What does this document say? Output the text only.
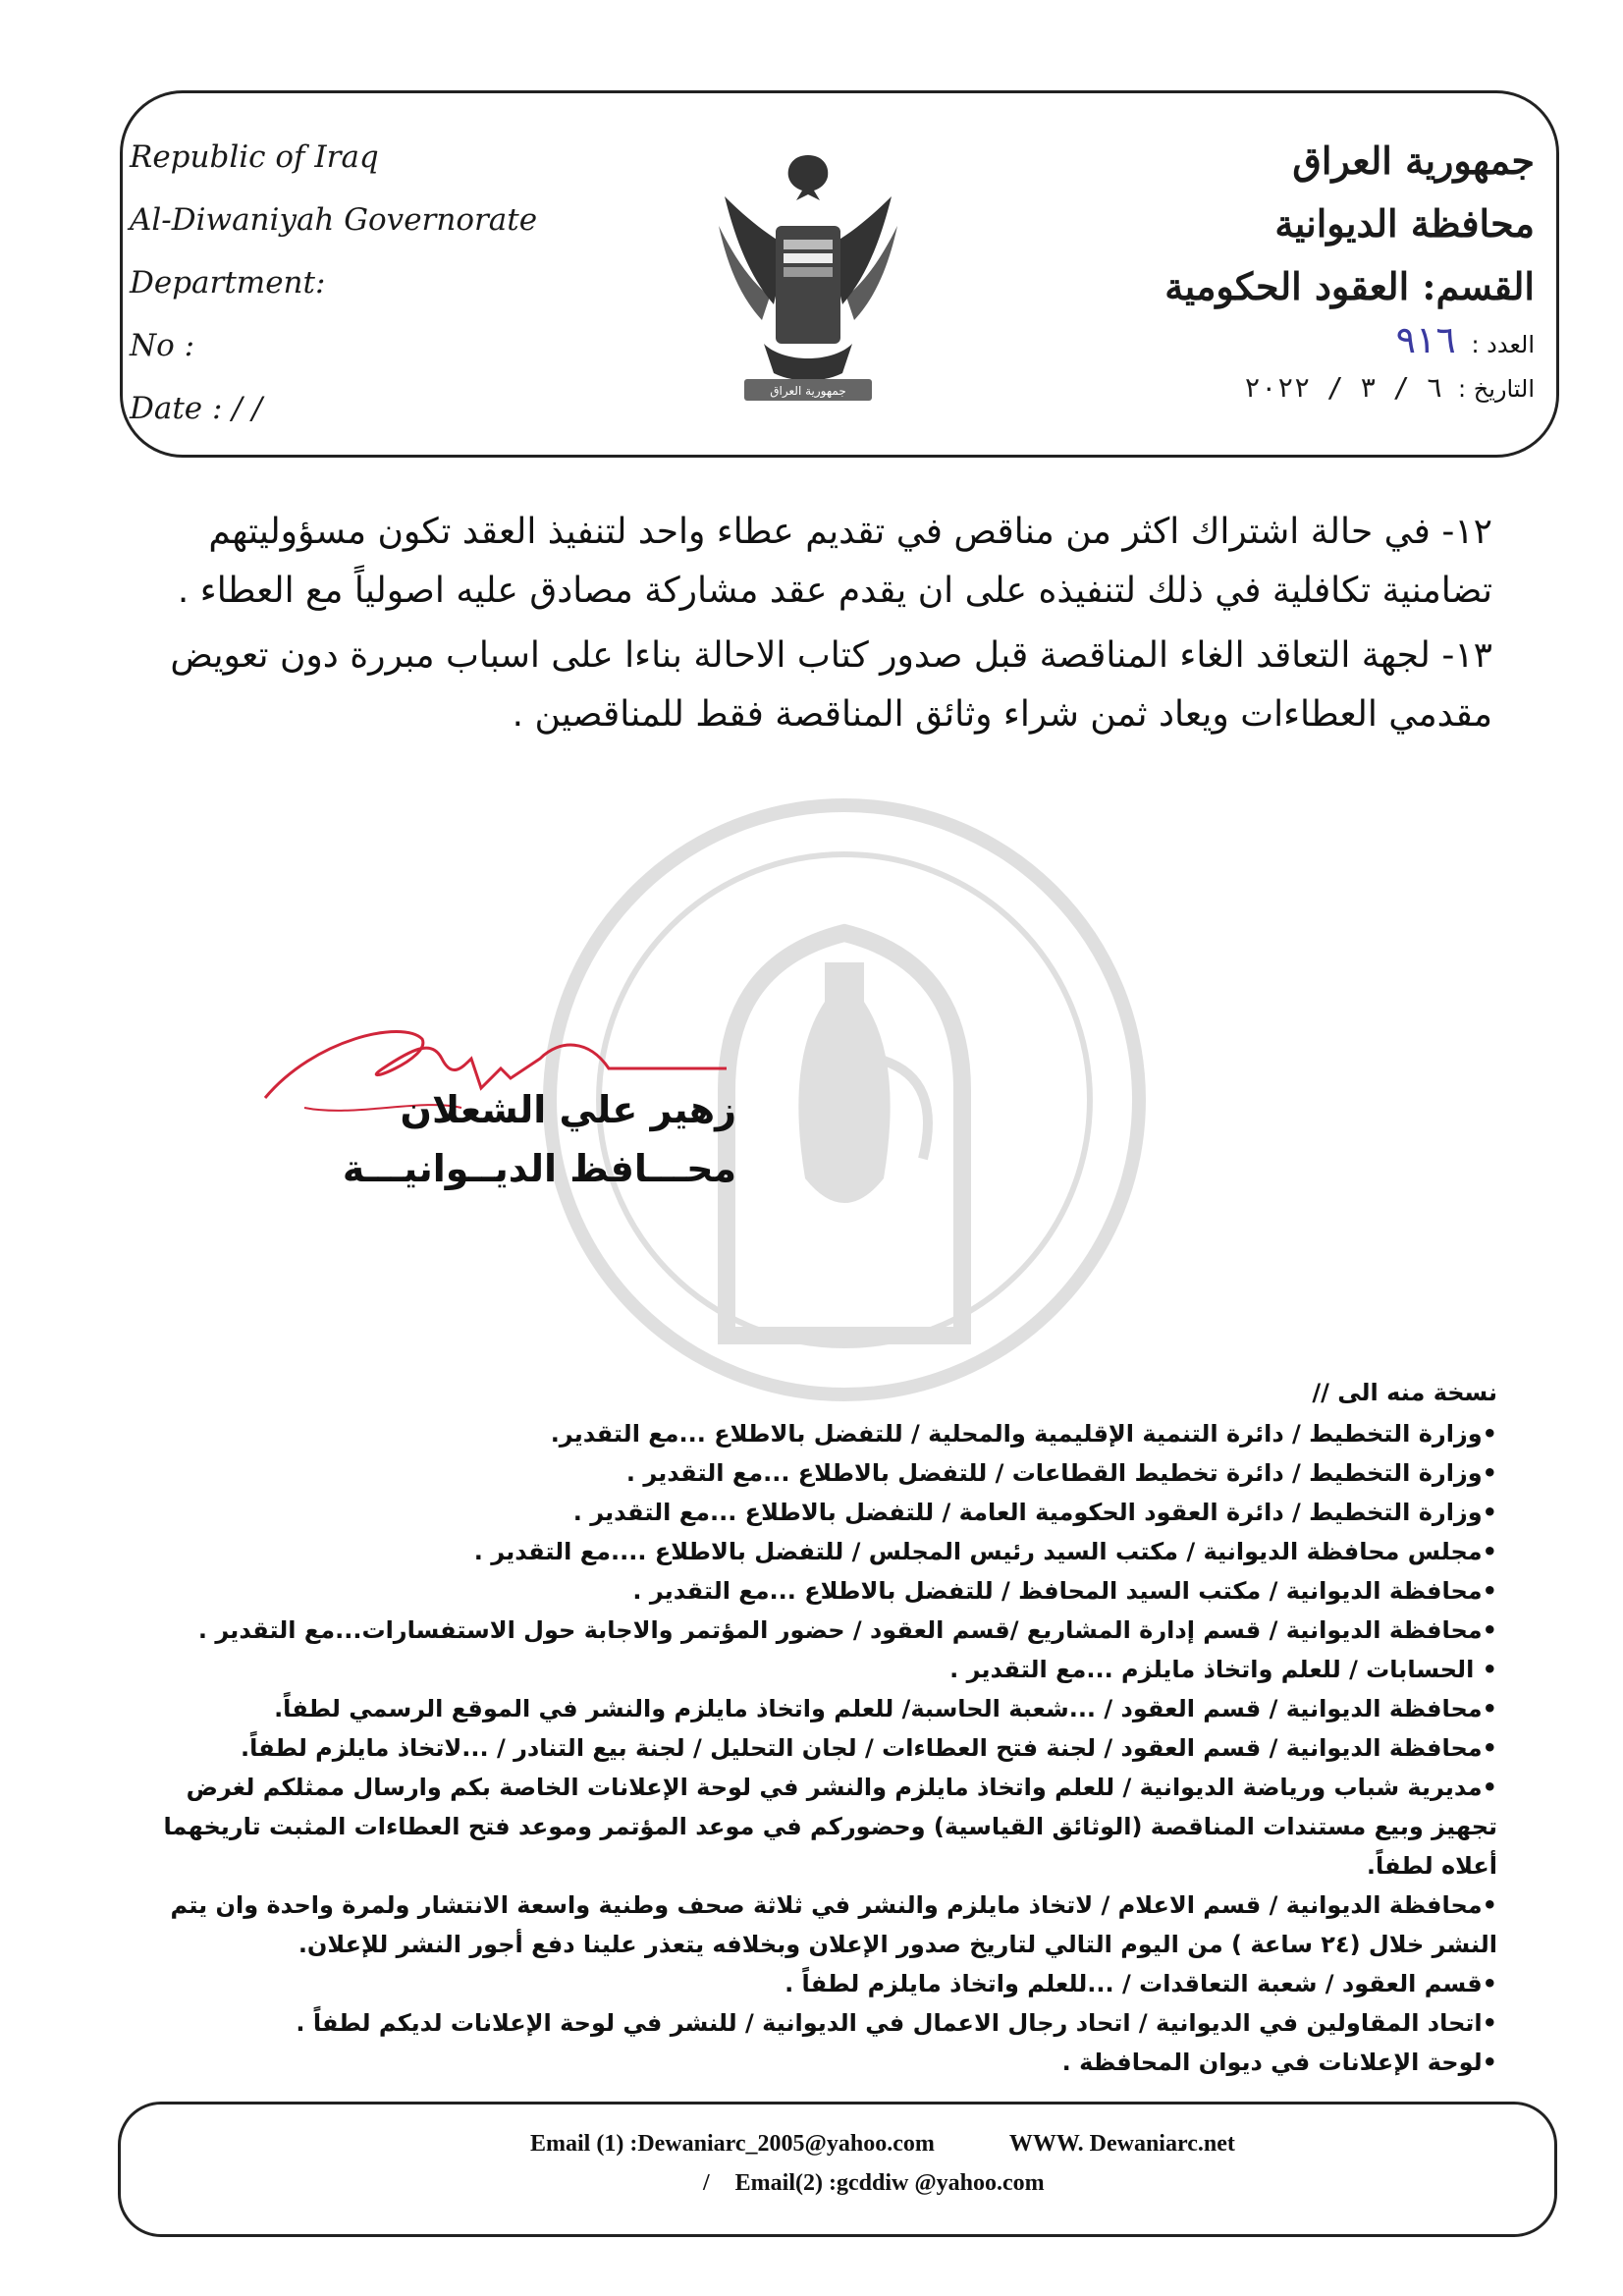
Republic of Iraq
Al-Diwaniyah Governorate
Department:
No :
Date : / /
جمهورية العراق
محافظة الديوانية
القسم: العقود الحكومية
العدد : ٩١٦
التاريخ : ٦ / ٣ / ٢٠٢٢
جمهورية العراق

١٢- في حالة اشتراك اكثر من مناقص في تقديم عطاء واحد لتنفيذ العقد تكون مسؤوليتهم تضامنية تكافلية في ذلك لتنفيذه على ان يقدم عقد مشاركة مصادق عليه اصولياً مع العطاء .

١٣- لجهة التعاقد الغاء المناقصة قبل صدور كتاب الاحالة بناءا على اسباب مبررة دون تعويض مقدمي العطاءات ويعاد ثمن شراء وثائق المناقصة فقط للمناقصين .

زهير علي الشعلان
محـــافظ الديــوانيـــة
نسخة منه الى //
•وزارة التخطيط / دائرة التنمية الإقليمية والمحلية / للتفضل بالاطلاع ...مع التقدير.
•وزارة التخطيط / دائرة تخطيط القطاعات / للتفضل بالاطلاع ...مع التقدير .
•وزارة التخطيط / دائرة العقود الحكومية العامة / للتفضل بالاطلاع ...مع التقدير .
•مجلس محافظة الديوانية / مكتب السيد رئيس المجلس / للتفضل بالاطلاع ....مع التقدير .
•محافظة الديوانية / مكتب السيد المحافظ / للتفضل بالاطلاع ...مع التقدير .
•محافظة الديوانية / قسم إدارة المشاريع /قسم العقود / حضور المؤتمر والاجابة حول الاستفسارات...مع التقدير .
• الحسابات / للعلم واتخاذ مايلزم ...مع التقدير .
•محافظة الديوانية / قسم العقود / ...شعبة الحاسبة/ للعلم واتخاذ مايلزم والنشر في الموقع الرسمي لطفاً.
•محافظة الديوانية / قسم العقود / لجنة فتح العطاءات / لجان التحليل / لجنة بيع التنادر / ...لاتخاذ مايلزم لطفاً.
•مديرية شباب ورياضة الديوانية / للعلم واتخاذ مايلزم والنشر في لوحة الإعلانات الخاصة بكم وارسال ممثلكم لغرض تجهيز وبيع مستندات المناقصة (الوثائق القياسية) وحضوركم في موعد المؤتمر وموعد فتح العطاءات المثبت تاريخهما أعلاه لطفاً.
•محافظة الديوانية / قسم الاعلام / لاتخاذ مايلزم والنشر في ثلاثة صحف وطنية واسعة الانتشار ولمرة واحدة وان يتم النشر خلال (٢٤ ساعة ) من اليوم التالي لتاريخ صدور الإعلان وبخلافه يتعذر علينا دفع أجور النشر للإعلان.
•قسم العقود / شعبة التعاقدات / ...للعلم واتخاذ مايلزم لطفاً .
•اتحاد المقاولين في الديوانية / اتحاد رجال الاعمال في الديوانية / للنشر في لوحة الإعلانات لديكم لطفاً .
•لوحة الإعلانات في ديوان المحافظة .
Email (1) :Dewaniarc_2005@yahoo.com	WWW. Dewaniarc.net
/ Email(2) :gcddiw @yahoo.com
